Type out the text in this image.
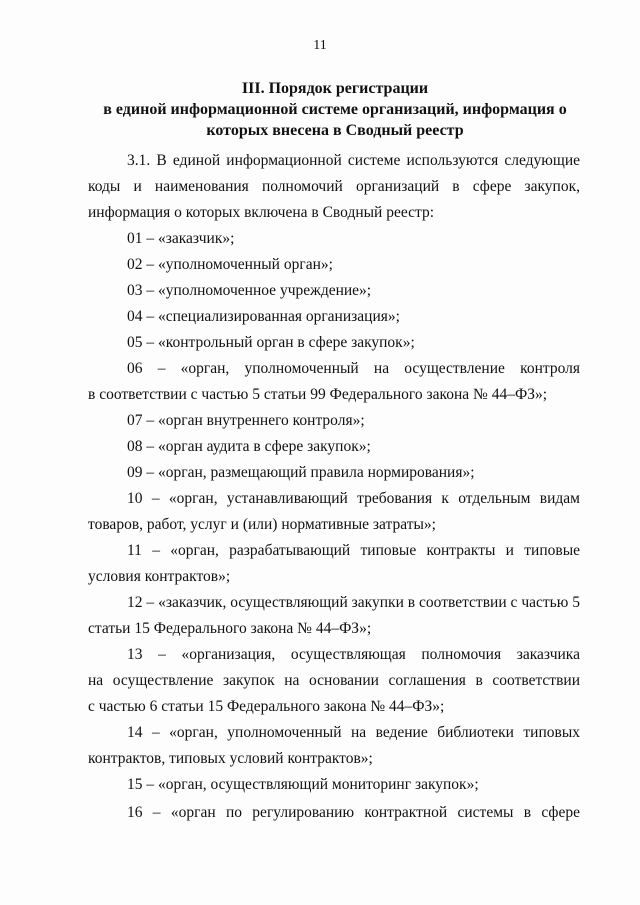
11
III. Порядок регистрации
в единой информационной системе организаций, информация о
которых внесена в Сводный реестр
3.1. В единой информационной системе используются следующие
коды и наименования полномочий организаций в сфере закупок,
информация о которых включена в Сводный реестр:
01 – «заказчик»;
02 – «уполномоченный орган»;
03 – «уполномоченное учреждение»;
04 – «специализированная организация»;
05 – «контрольный орган в сфере закупок»;
06 – «орган, уполномоченный на осуществление контроля
в соответствии с частью 5 статьи 99 Федерального закона № 44–ФЗ»;
07 – «орган внутреннего контроля»;
08 – «орган аудита в сфере закупок»;
09 – «орган, размещающий правила нормирования»;
10 – «орган, устанавливающий требования к отдельным видам
товаров, работ, услуг и (или) нормативные затраты»;
11 – «орган, разрабатывающий типовые контракты и типовые
условия контрактов»;
12 – «заказчик, осуществляющий закупки в соответствии с частью 5
статьи 15 Федерального закона № 44–ФЗ»;
13 – «организация, осуществляющая полномочия заказчика
на осуществление закупок на основании соглашения в соответствии
с частью 6 статьи 15 Федерального закона № 44–ФЗ»;
14 – «орган, уполномоченный на ведение библиотеки типовых
контрактов, типовых условий контрактов»;
15 – «орган, осуществляющий мониторинг закупок»;
16 – «орган по регулированию контрактной системы в сфере
